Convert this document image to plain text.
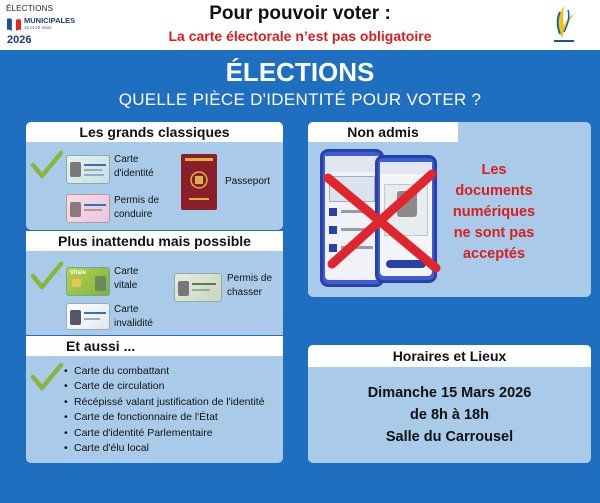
ÉLECTIONS
MUNICIPALES
15 et 22 mars
2026
Pour pouvoir voter :
La carte électorale n’est pas obligatoire
ÉLECTIONS
QUELLE PIÈCE D'IDENTITÉ POUR VOTER ?
Les grands classiques
Carte d'identité
Permis de conduire
Passeport
Plus inattendu mais possible
Vitale	Carte vitale
Carte invalidité
Permis de chasser
Et aussi ...
• Carte du combattant
• Carte de circulation
• Récépissé valant justification de l'identité
• Carte de fonctionnaire de l'État
• Carte d'identité Parlementaire
• Carte d'élu local
Non admis
Les documents numériques ne sont pas acceptés
Horaires et Lieux
Dimanche 15 Mars 2026
de 8h à 18h
Salle du Carrousel
